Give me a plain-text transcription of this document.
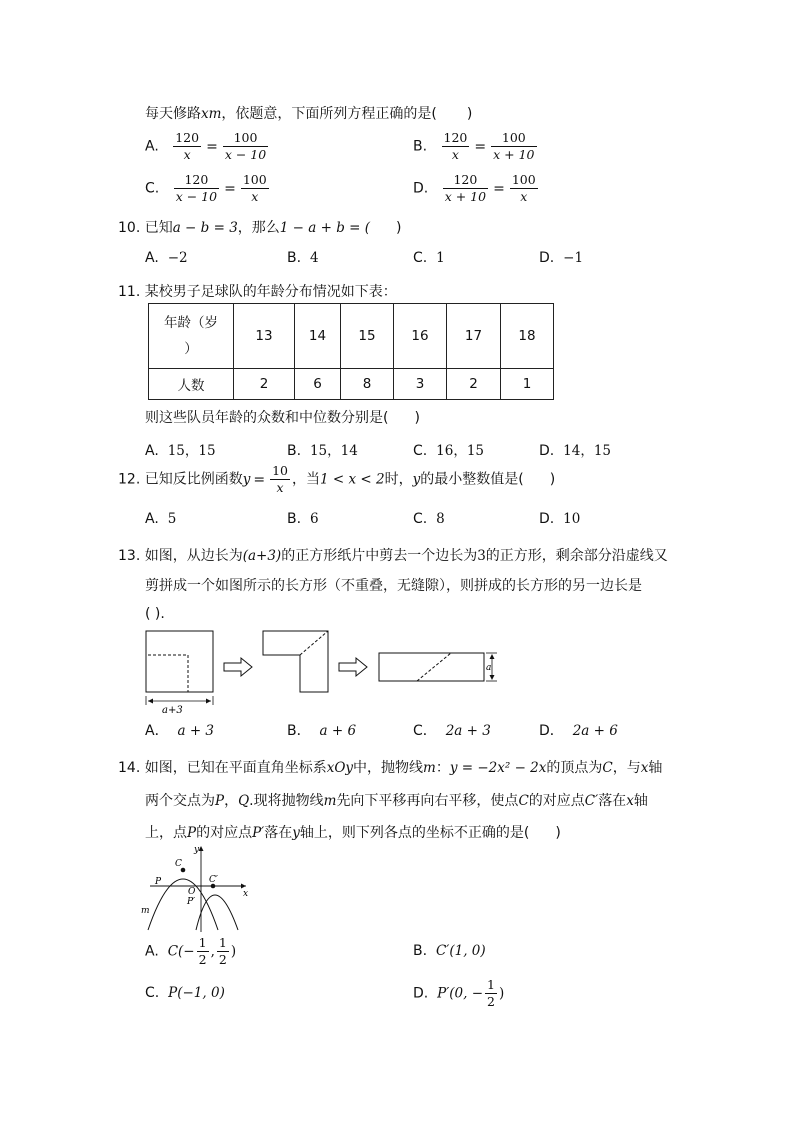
每天修路xm，依题意，下面所列方程正确的是( )
A. $\frac{120}{x} = \frac{100}{x - 10}$	B. $\frac{120}{x} = \frac{100}{x + 10}$
C. $\frac{120}{x - 10} = \frac{100}{x}$	D. $\frac{120}{x + 10} = \frac{100}{x}$
10. 已知a − b = 3，那么1 − a + b = ( )
A. −2	B. 4	C. 1	D. −1
11. 某校男子足球队的年龄分布情况如下表：
年龄（岁
）	13	14	15	16	17	18
人数	2	6	8	3	2	1
则这些队员年龄的众数和中位数分别是( )
A. 15，15	B. 15，14	C. 16，15	D. 14，15
12. 已知反比例函数$y = \frac{10}{x}$ ，当1 < x < 2时，y的最小整数值是( )
A. 5	B. 6	C. 8	D. 10
13. 如图，从边长为(a+3)的正方形纸片中剪去一个边长为3的正方形，剩余部分沿虚线又
剪拼成一个如图所示的长方形（不重叠，无缝隙），则拼成的长方形的另一边长是
( ).
a+3
a
A． a + 3	B． a + 6	C． 2a + 3	D． 2a + 6
14. 如图，已知在平面直角坐标系xOy中，抛物线m：y = −2x² − 2x的顶点为C，与x轴
两个交点为P，Q.现将抛物线m先向下平移再向右平移，使点C的对应点C′落在x轴
上，点P的对应点P′落在y轴上，则下列各点的坐标不正确的是( )
y
x
C
C′
P
O
P′
m
A. $C(- \frac{1}{2}$ , $\frac{1}{2}$ )	B. C′(1, 0)
C. P(−1, 0)	D. P′(0, − $\frac{1}{2}$ )
